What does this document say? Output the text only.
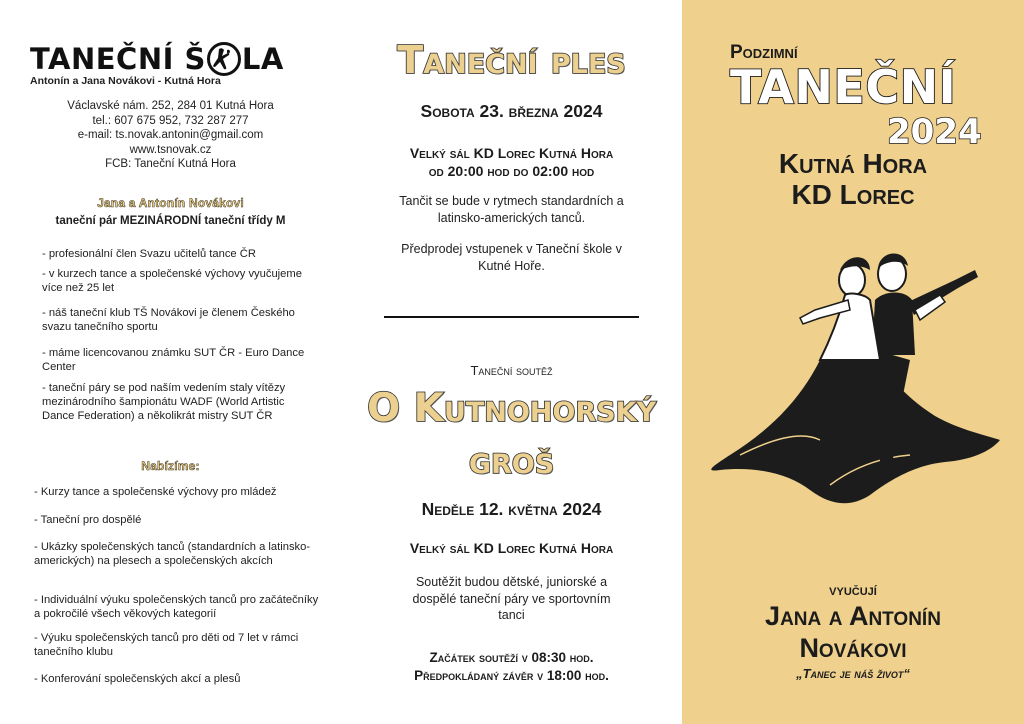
TANEČNÍ Š LA
Antonín a Jana Novákovi - Kutná Hora
Václavské nám. 252, 284 01 Kutná Hora
tel.: 607 675 952, 732 287 277
e-mail: ts.novak.antonin@gmail.com
www.tsnovak.cz
FCB: Taneční Kutná Hora
Jana a Antonín Novákovi
taneční pár MEZINÁRODNÍ taneční třídy M
- profesionální člen Svazu učitelů tance ČR
- v kurzech tance a společenské výchovy vyučujeme více než 25 let
- náš taneční klub TŠ Novákovi je členem Českého svazu tanečního sportu
- máme licencovanou známku SUT ČR - Euro Dance Center
- taneční páry se pod naším vedením staly vítězy mezinárodního šampionátu WADF (World Artistic Dance Federation) a několikrát mistry SUT ČR
Nabízíme:
- Kurzy tance a společenské výchovy pro mládež
- Taneční pro dospělé
- Ukázky společenských tanců (standardních a latinsko-amerických) na plesech a společenských akcích
- Individuální výuku společenských tanců pro začátečníky a pokročilé všech věkových kategorií
- Výuku společenských tanců pro děti od 7 let v rámci tanečního klubu
- Konferování společenských akcí a plesů
Taneční ples
Sobota 23. března 2024
Velký sál KD Lorec Kutná Hora
od 20:00 hod do 02:00 hod
Tančit se bude v rytmech standardních a latinsko-amerických tanců.
Předprodej vstupenek v Taneční škole v Kutné Hoře.
Taneční soutěž
O Kutnohorský
groš
Neděle 12. května 2024
Velký sál KD Lorec Kutná Hora
Soutěžit budou dětské, juniorské a dospělé taneční páry ve sportovním tanci
Začátek soutěží v 08:30 hod.
Předpokládaný závěr v 18:00 hod.
Podzimní
TANEČNÍ
2024
Kutná Hora
KD Lorec
vyučují
Jana a Antonín
Novákovi
„Tanec je náš život“
